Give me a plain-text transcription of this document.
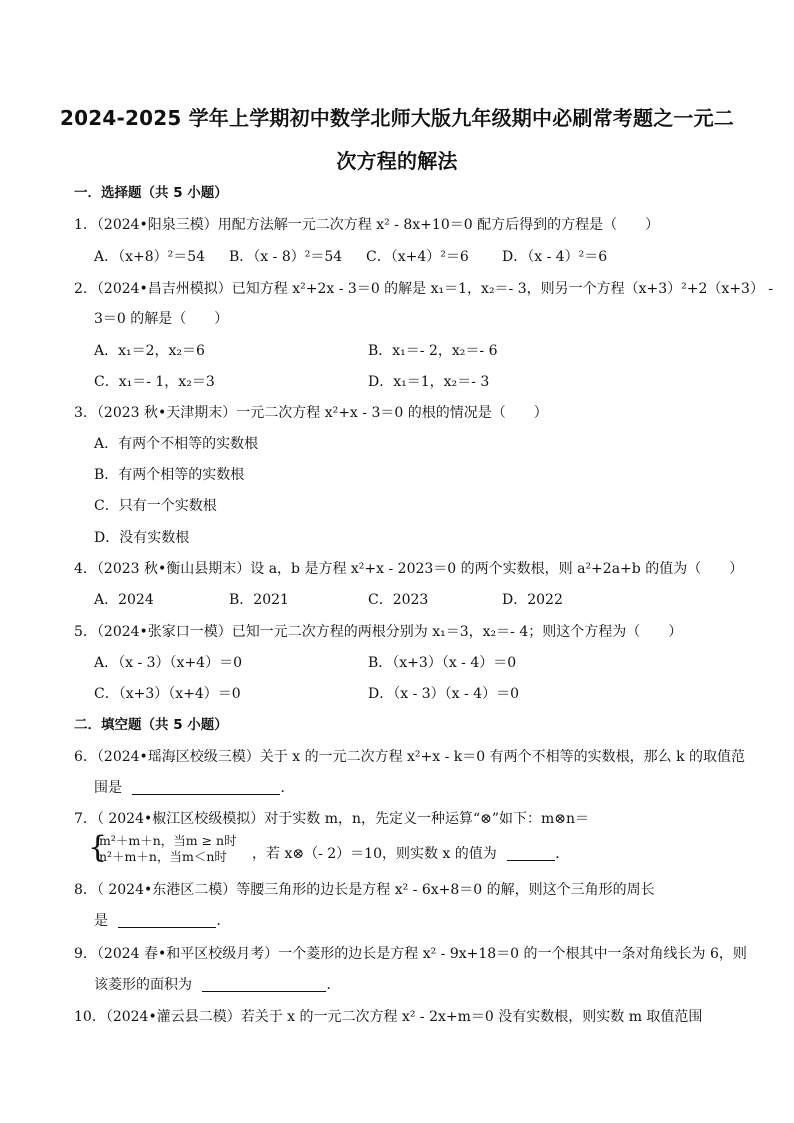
2024-2025 学年上学期初中数学北师大版九年级期中必刷常考题之一元二
次方程的解法
一．选择题（共 5 小题）
1．（2024•阳泉三模）用配方法解一元二次方程 x² - 8x+10＝0 配方后得到的方程是（　　）
A．（x+8）²＝54 B．（x - 8）²＝54 C．（x+4）²＝6 D．（x - 4）²＝6
2．（2024•昌吉州模拟）已知方程 x²+2x - 3＝0 的解是 x₁＝1，x₂＝- 3，则另一个方程（x+3）²+2（x+3） -
3＝0 的解是（　　）
A．x₁＝2，x₂＝6	B．x₁＝- 2，x₂＝- 6
C．x₁＝- 1，x₂＝3	D．x₁＝1，x₂＝- 3
3．（2023 秋•天津期末）一元二次方程 x²+x - 3＝0 的根的情况是（　　）
A．有两个不相等的实数根
B．有两个相等的实数根
C．只有一个实数根
D．没有实数根
4．（2023 秋•衡山县期末）设 a，b 是方程 x²+x - 2023＝0 的两个实数根，则 a²+2a+b 的值为（　　）
A．2024	B．2021	C．2023	D．2022
5．（2024•张家口一模）已知一元二次方程的两根分别为 x₁＝3，x₂＝- 4；则这个方程为（　　）
A．（x - 3）（x+4）＝0	B．（x+3）（x - 4）＝0
C．（x+3）（x+4）＝0	D．（x - 3）（x - 4）＝0
二．填空题（共 5 小题）
6．（2024•瑶海区校级三模）关于 x 的一元二次方程 x²+x - k＝0 有两个不相等的实数根，那么 k 的取值范
围是	．
7．（ 2024•椒江区校级模拟）对于实数 m，n，先定义一种运算“⊗”如下：m⊗n＝
{
m²＋m＋n，当m ≥ n时
n²＋m＋n，当m＜n时 ，若 x⊗（- 2）＝10，则实数 x 的值为	．
8．（ 2024•东港区二模）等腰三角形的边长是方程 x² - 6x+8＝0 的解，则这个三角形的周长
是	．
9．（2024 春•和平区校级月考）一个菱形的边长是方程 x² - 9x+18＝0 的一个根其中一条对角线长为 6，则
该菱形的面积为	．
10．（2024•灌云县二模）若关于 x 的一元二次方程 x² - 2x+m＝0 没有实数根，则实数 m 取值范围
